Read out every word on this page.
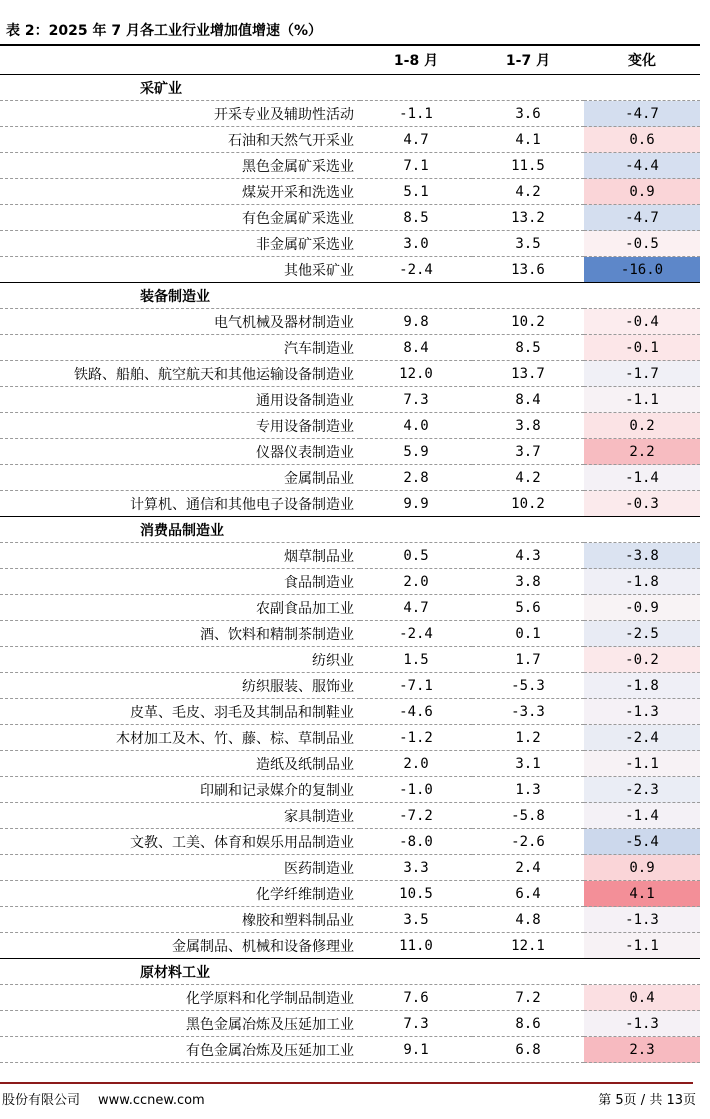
表 2：2025 年 7 月各工业行业增加值增速（%）
	1-8 月	1-7 月	变化
采矿业			
开采专业及辅助性活动	-1.1	3.6	-4.7
石油和天然气开采业	4.7	4.1	0.6
黑色金属矿采选业	7.1	11.5	-4.4
煤炭开采和洗选业	5.1	4.2	0.9
有色金属矿采选业	8.5	13.2	-4.7
非金属矿采选业	3.0	3.5	-0.5
其他采矿业	-2.4	13.6	-16.0
装备制造业			
电气机械及器材制造业	9.8	10.2	-0.4
汽车制造业	8.4	8.5	-0.1
铁路、船舶、航空航天和其他运输设备制造业	12.0	13.7	-1.7
通用设备制造业	7.3	8.4	-1.1
专用设备制造业	4.0	3.8	0.2
仪器仪表制造业	5.9	3.7	2.2
金属制品业	2.8	4.2	-1.4
计算机、通信和其他电子设备制造业	9.9	10.2	-0.3
消费品制造业			
烟草制品业	0.5	4.3	-3.8
食品制造业	2.0	3.8	-1.8
农副食品加工业	4.7	5.6	-0.9
酒、饮料和精制茶制造业	-2.4	0.1	-2.5
纺织业	1.5	1.7	-0.2
纺织服装、服饰业	-7.1	-5.3	-1.8
皮革、毛皮、羽毛及其制品和制鞋业	-4.6	-3.3	-1.3
木材加工及木、竹、藤、棕、草制品业	-1.2	1.2	-2.4
造纸及纸制品业	2.0	3.1	-1.1
印刷和记录媒介的复制业	-1.0	1.3	-2.3
家具制造业	-7.2	-5.8	-1.4
文教、工美、体育和娱乐用品制造业	-8.0	-2.6	-5.4
医药制造业	3.3	2.4	0.9
化学纤维制造业	10.5	6.4	4.1
橡胶和塑料制品业	3.5	4.8	-1.3
金属制品、机械和设备修理业	11.0	12.1	-1.1
原材料工业			
化学原料和化学制品制造业	7.6	7.2	0.4
黑色金属冶炼及压延加工业	7.3	8.6	-1.3
有色金属冶炼及压延加工业	9.1	6.8	2.3
股份有限公司 www.ccnew.com	第 5页 / 共 13页
